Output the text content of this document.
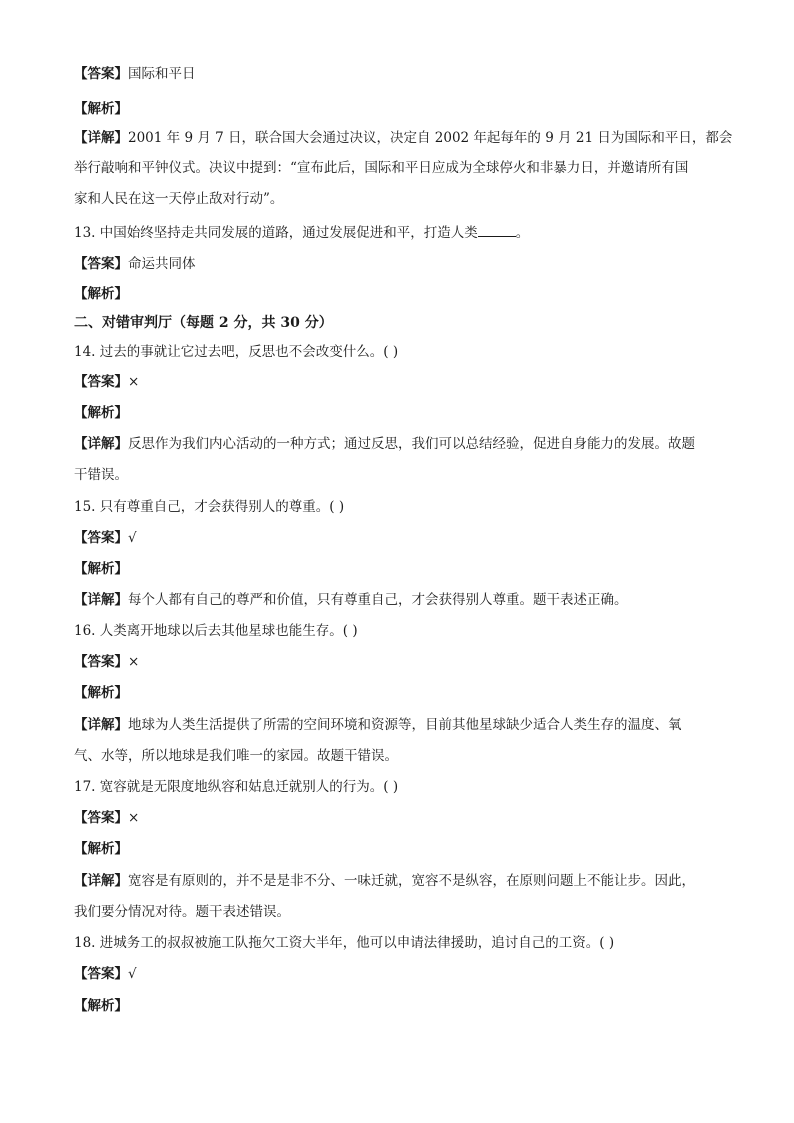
【答案】国际和平日
【解析】
【详解】2001 年 9 月 7 日，联合国大会通过决议，决定自 2002 年起每年的 9 月 21 日为国际和平日，都会
举行敲响和平钟仪式。决议中提到：“宣布此后，国际和平日应成为全球停火和非暴力日，并邀请所有国
家和人民在这一天停止敌对行动”。
13. 中国始终坚持走共同发展的道路，通过发展促进和平，打造人类	。
【答案】命运共同体
【解析】
二、对错审判厅（每题 2 分，共 30 分）
14. 过去的事就让它过去吧，反思也不会改变什么。( )
【答案】×
【解析】
【详解】反思作为我们内心活动的一种方式；通过反思，我们可以总结经验，促进自身能力的发展。故题
干错误。
15. 只有尊重自己，才会获得别人的尊重。( )
【答案】√
【解析】
【详解】每个人都有自己的尊严和价值，只有尊重自己，才会获得别人尊重。题干表述正确。
16. 人类离开地球以后去其他星球也能生存。( )
【答案】×
【解析】
【详解】地球为人类生活提供了所需的空间环境和资源等，目前其他星球缺少适合人类生存的温度、氧
气、水等，所以地球是我们唯一的家园。故题干错误。
17. 宽容就是无限度地纵容和姑息迁就别人的行为。( )
【答案】×
【解析】
【详解】宽容是有原则的，并不是是非不分、一味迁就，宽容不是纵容，在原则问题上不能让步。因此，
我们要分情况对待。题干表述错误。
18. 进城务工的叔叔被施工队拖欠工资大半年，他可以申请法律援助，追讨自己的工资。( )
【答案】√
【解析】
